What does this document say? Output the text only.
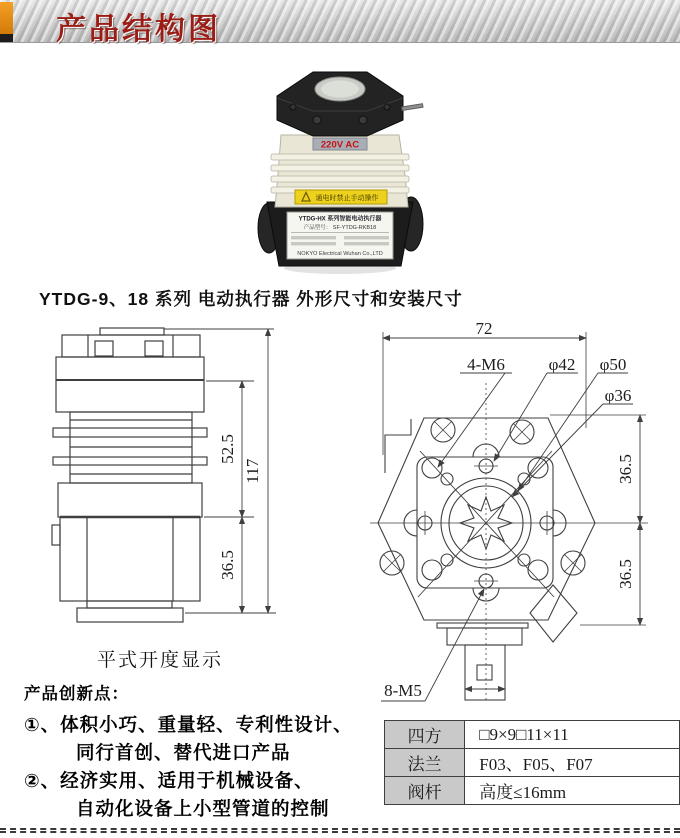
产品结构图
220V AC
通电时禁止手动操作
YTDG-HX 系列智能电动执行器
产品型号： SF-YTDG-RKB18
NOKYO Electrical Wuhan Co.,LTD
YTDG-9、18 系列 电动执行器 外形尺寸和安装尺寸
52.5
117
36.5
平式开度显示
72
36.5
36.5
4-M6	φ42 φ50
φ36
8-M5
产品创新点：
①、体积小巧、重量轻、专利性设计、
同行首创、替代进口产品
②、经济实用、适用于机械设备、
自动化设备上小型管道的控制
四方	□9×9□11×11
法兰	F03、F05、F07
阀杆	高度≤16mm
